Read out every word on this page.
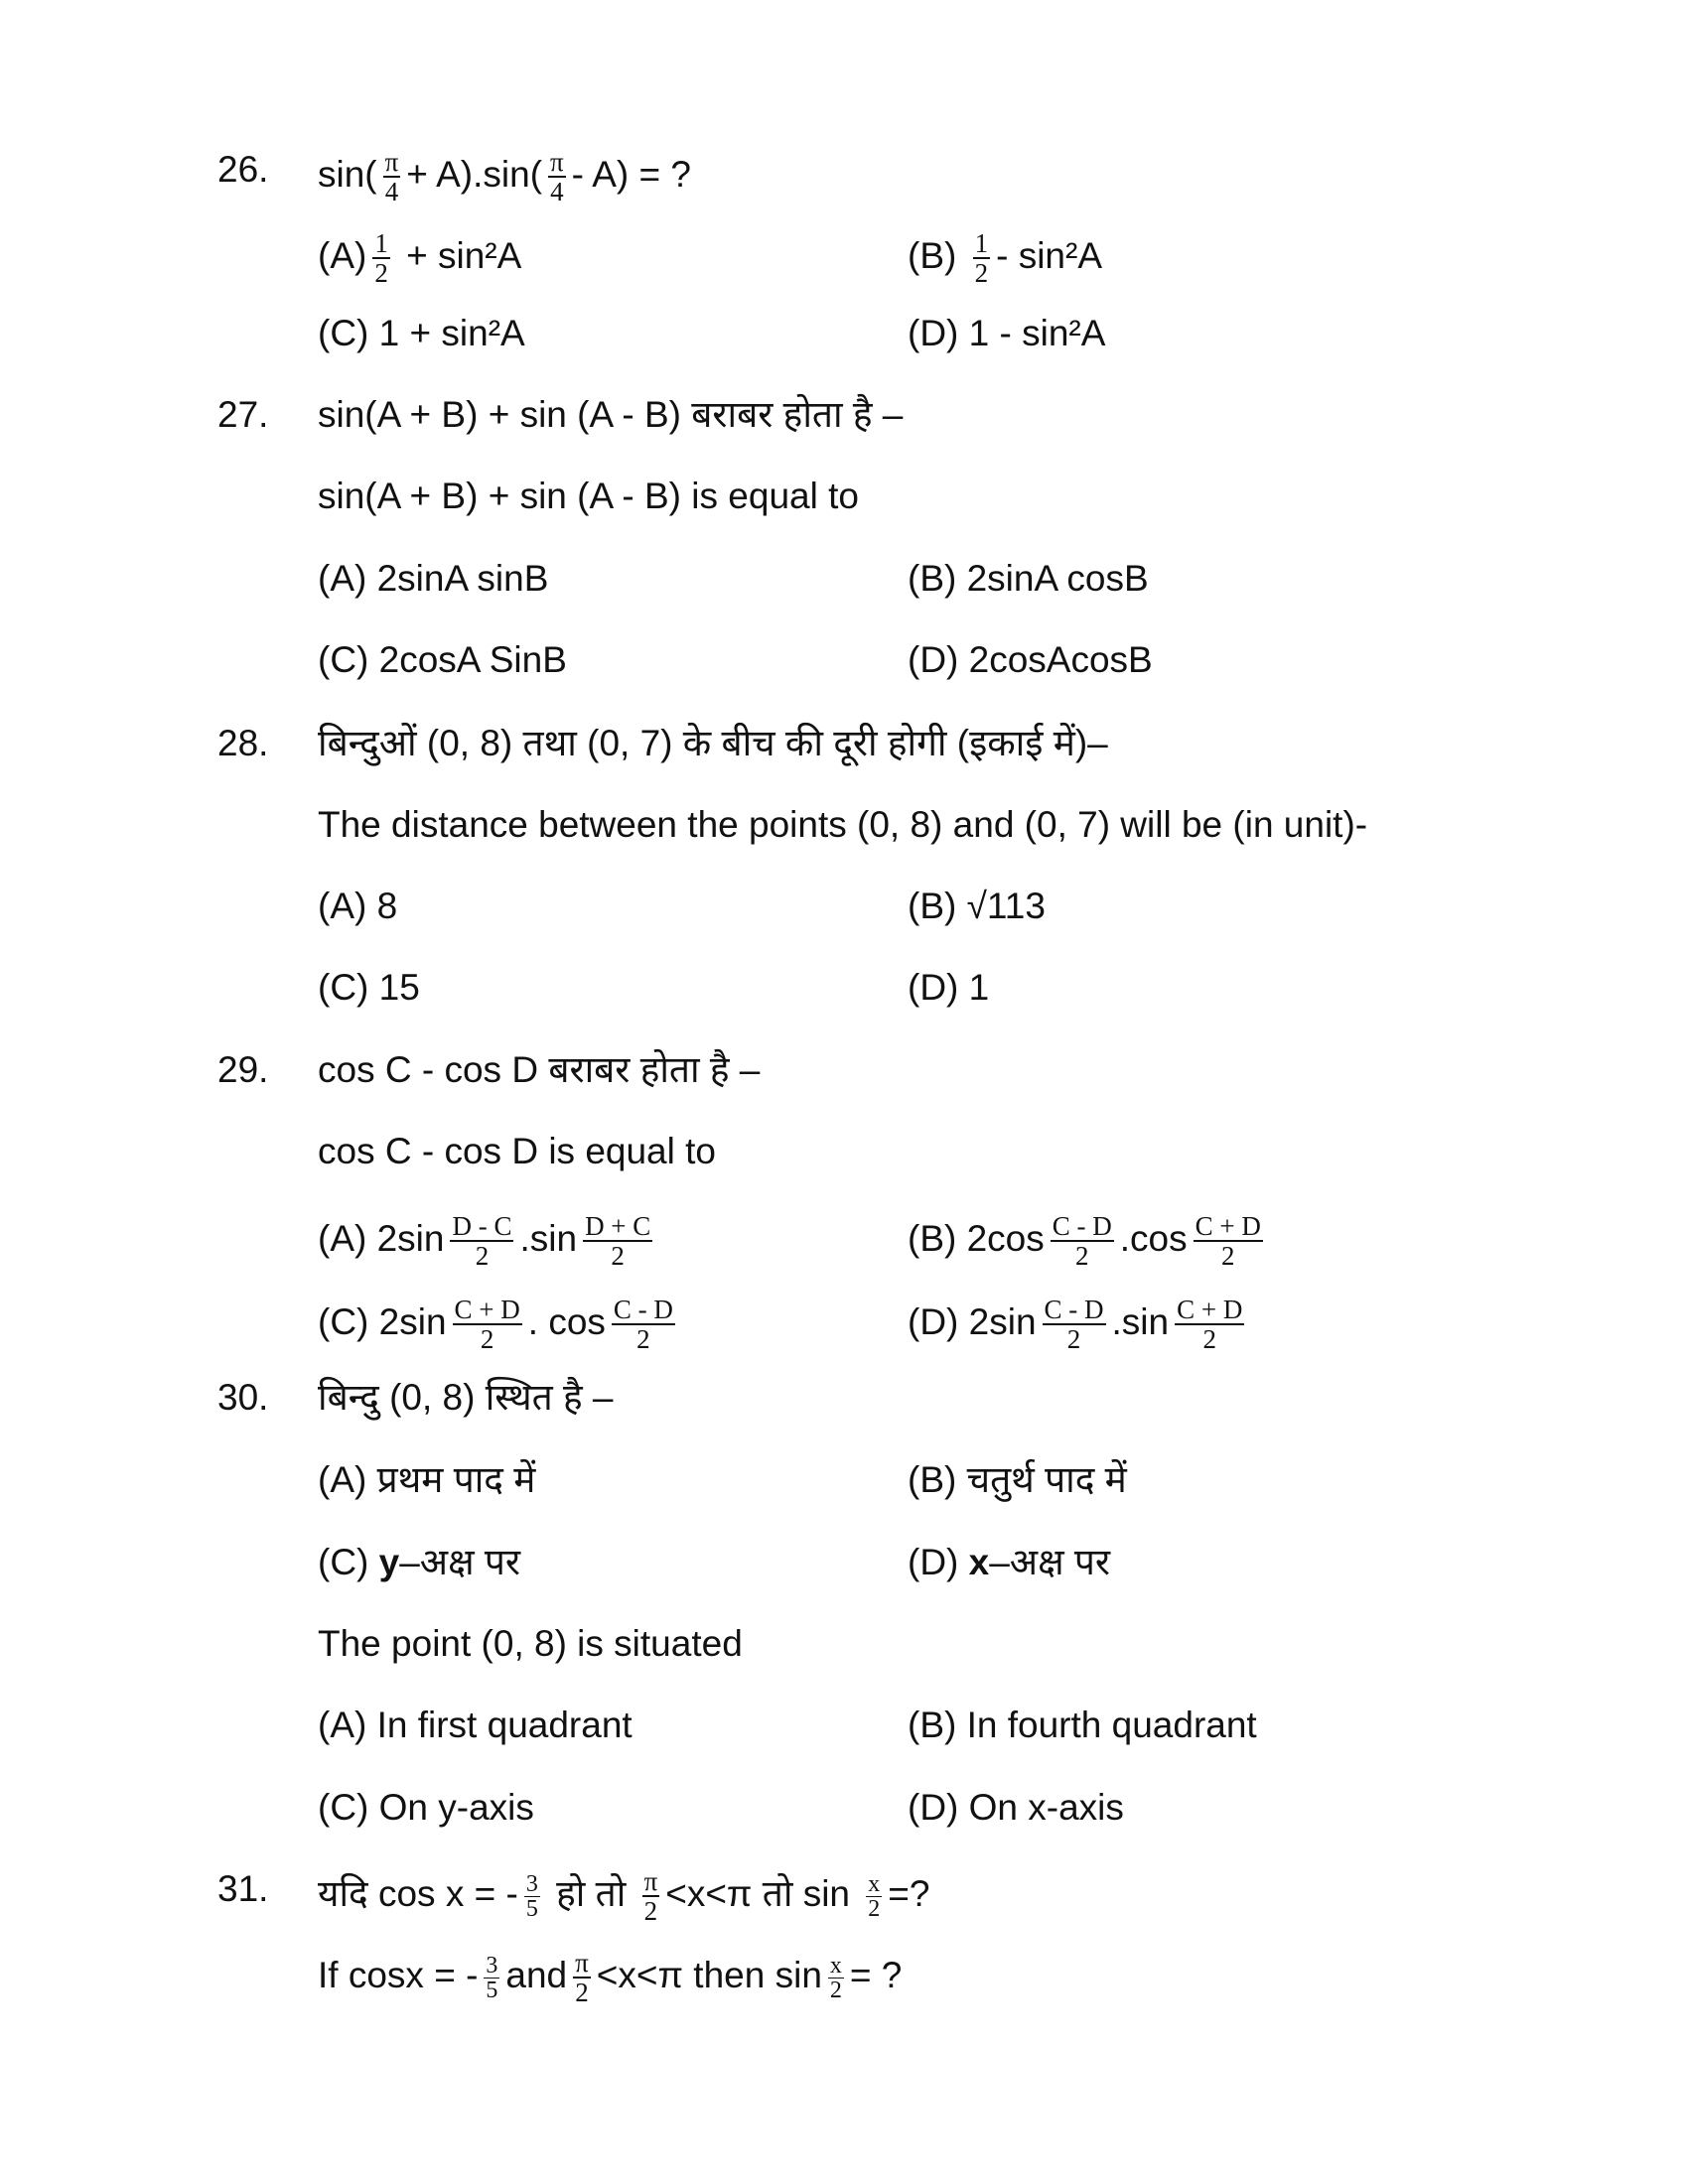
26. $\sin( \frac{\pi}{4} + A).\sin( \frac{\pi}{4} - A)$ = ?
$(A) \frac{1}{2} + \sin^2A$	$(B) \frac{1}{2} - \sin^2A$
(C) 1 + sin²A	(D) 1 - sin²A
27. sin(A + B) + sin (A - B) बराबर होता है –
sin(A + B) + sin (A - B) is equal to
(A) 2sinA sinB	(B) 2sinA cosB
(C) 2cosA SinB	(D) 2cosAcosB
28. बिन्दुओं (0, 8) तथा (0, 7) के बीच की दूरी होगी (इकाई में)–
The distance between the points (0, 8) and (0, 7) will be (in unit)-
(A) 8	(B) √113
(C) 15	(D) 1
29. cos C - cos D बराबर होता है –
cos C - cos D is equal to
(A) $2\sin \frac{D - C}{2} .\sin \frac{D + C}{2}$	(B) $2\cos \frac{C - D}{2} .\cos \frac{C + D}{2}$
(C) $2\sin \frac{C + D}{2}$ . $\cos \frac{C - D}{2}$	(D) $2\sin \frac{C - D}{2} .\sin \frac{C + D}{2}$
30. बिन्दु (0, 8) स्थित है –
(A) प्रथम पाद में	(B) चतुर्थ पाद में
(C) y–अक्ष पर	(D) x–अक्ष पर
The point (0, 8) is situated
(A) In first quadrant	(B) In fourth quadrant
(C) On y-axis	(D) On x-axis
31. यदि cos x = - $\frac{3}{5}$ हो तो $\frac{\pi}{2} <x<\pi$ तो $\sin \frac{x}{2}$ =?
If cosx = - $\frac{3}{5}$ and $\frac{\pi}{2} <x<\pi$ then $\sin \frac{x}{2}$ = ?
